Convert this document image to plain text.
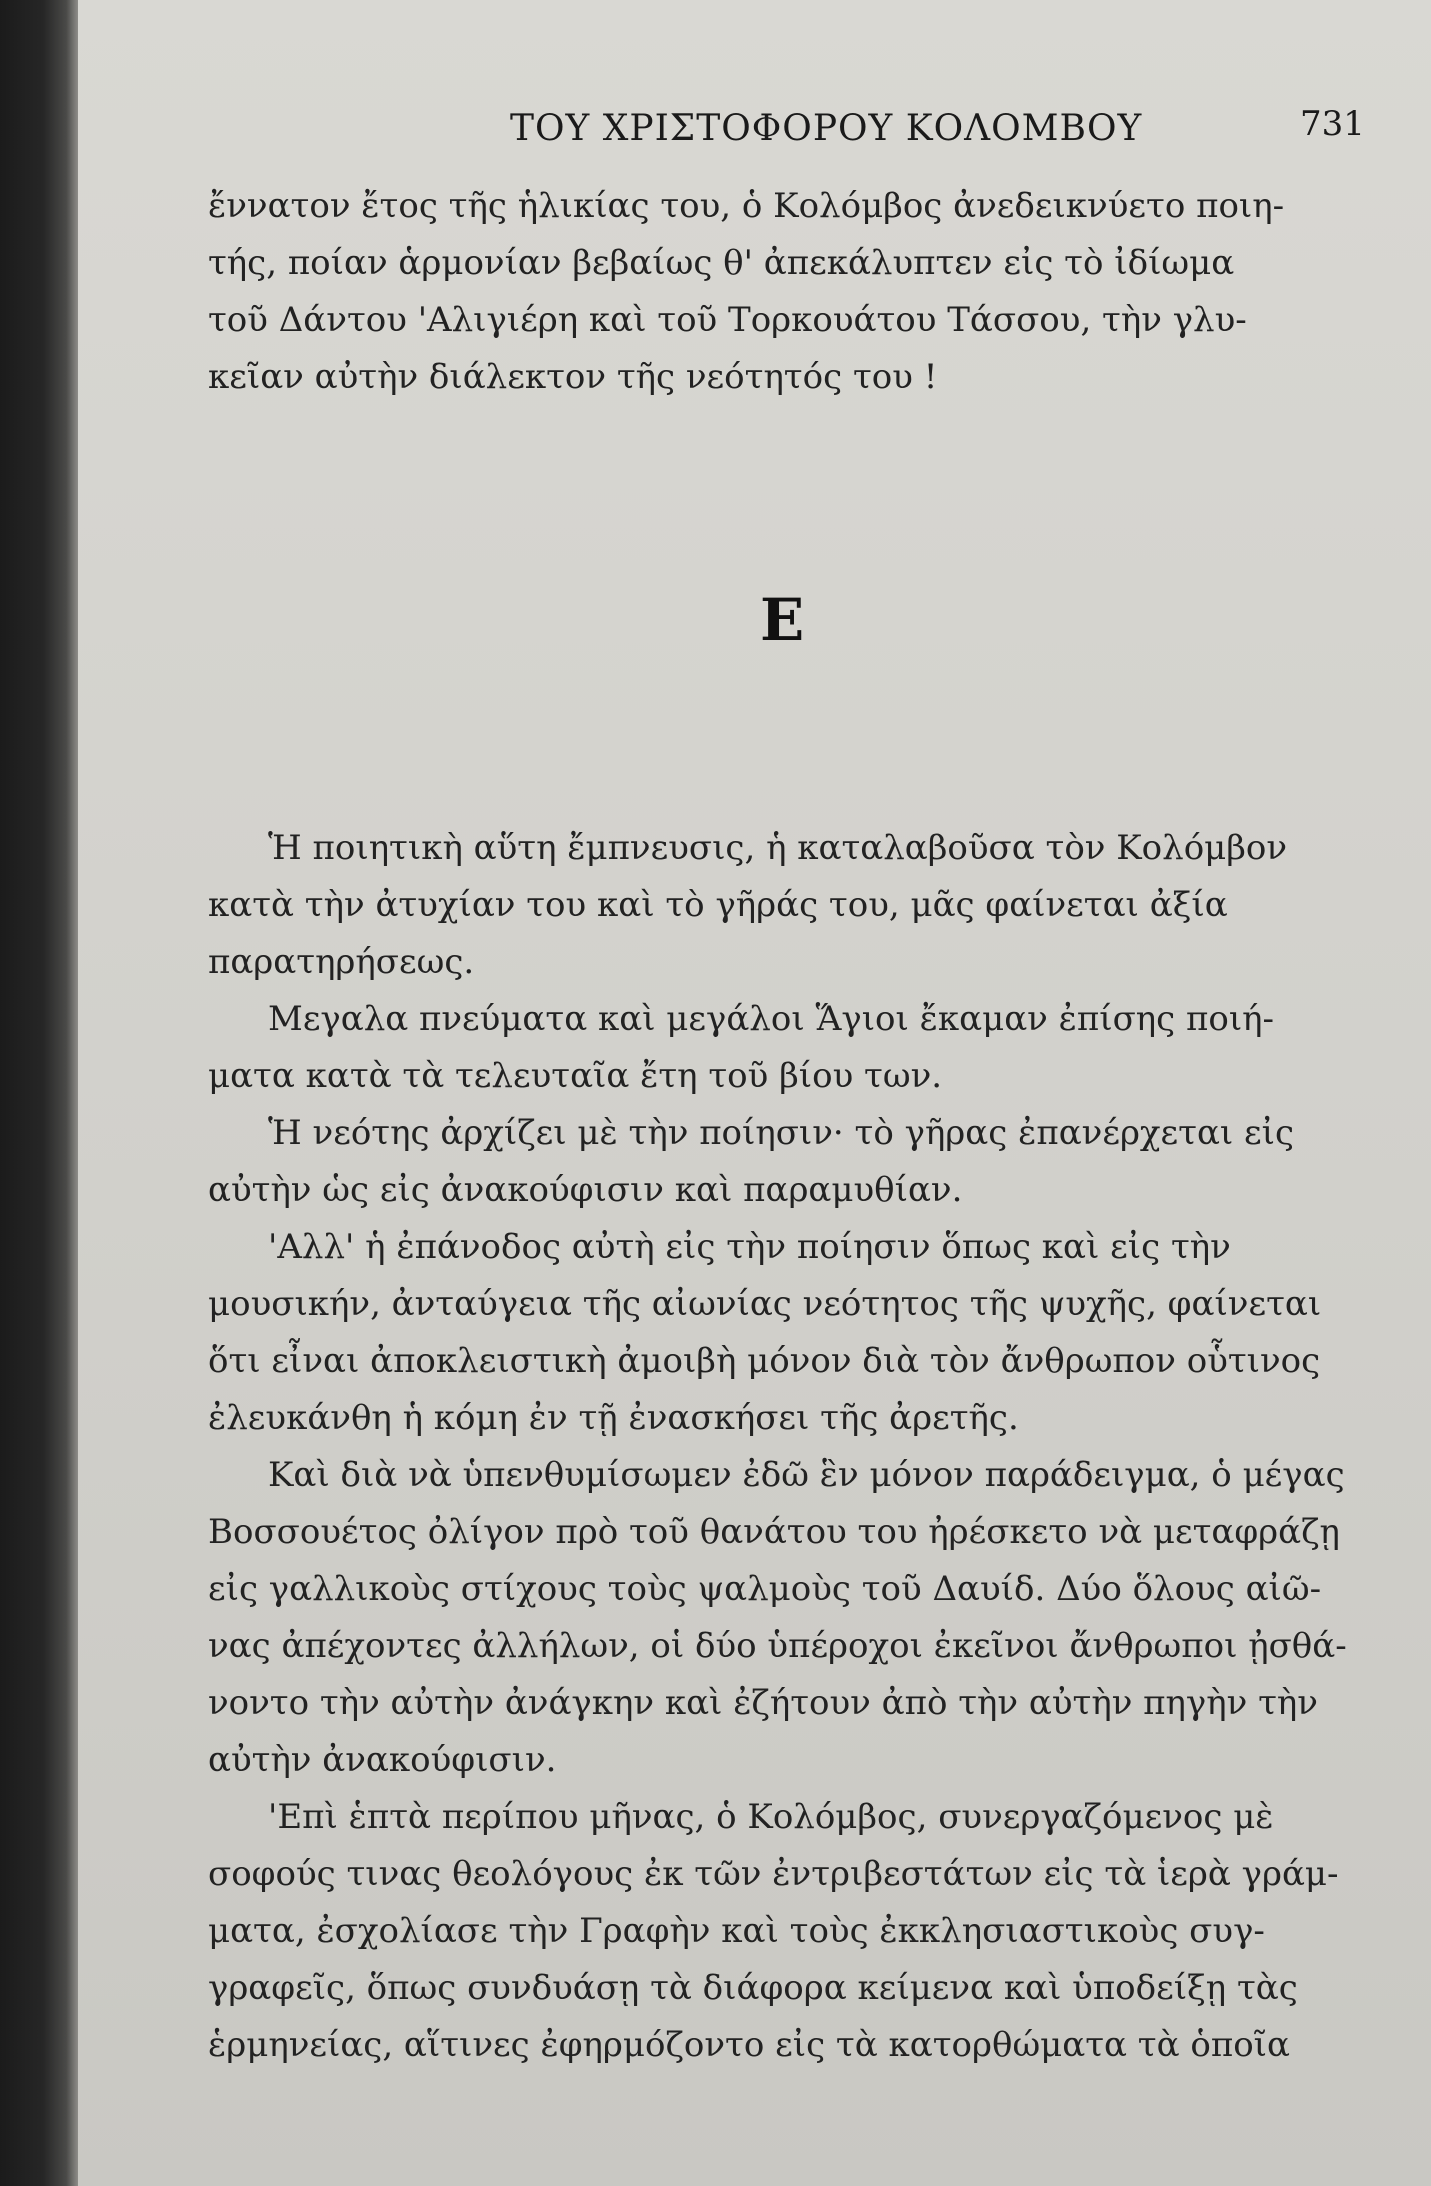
ΤΟΥ ΧΡΙΣΤΟΦΟΡΟΥ ΚΟΛΟΜΒΟΥ	731
ἔννατον ἔτος τῆς ἡλικίας του, ὁ Κολόμβος ἀνεδεικνύετο ποιη-
τής, ποίαν ἁρμονίαν βεβαίως θ' ἀπεκάλυπτεν εἰς τὸ ἰδίωμα
τοῦ Δάντου 'Αλιγιέρη καὶ τοῦ Τορκουάτου Τάσσου, τὴν γλυ-
κεῖαν αὐτὴν διάλεκτον τῆς νεότητός του !
Ε
Ἡ ποιητικὴ αὕτη ἔμπνευσις, ἡ καταλαβοῦσα τὸν Κολόμβον
κατὰ τὴν ἀτυχίαν του καὶ τὸ γῆράς του, μᾶς φαίνεται ἀξία
παρατηρήσεως.
Μεγαλα πνεύματα καὶ μεγάλοι Ἅγιοι ἔκαμαν ἐπίσης ποιή-
ματα κατὰ τὰ τελευταῖα ἔτη τοῦ βίου των.
Ἡ νεότης ἀρχίζει μὲ τὴν ποίησιν· τὸ γῆρας ἐπανέρχεται εἰς
αὐτὴν ὡς εἰς ἀνακούφισιν καὶ παραμυθίαν.
'Αλλ' ἡ ἐπάνοδος αὐτὴ εἰς τὴν ποίησιν ὅπως καὶ εἰς τὴν
μουσικήν, ἀνταύγεια τῆς αἰωνίας νεότητος τῆς ψυχῆς, φαίνεται
ὅτι εἶναι ἀποκλειστικὴ ἀμοιβὴ μόνον διὰ τὸν ἄνθρωπον οὗτινος
ἐλευκάνθη ἡ κόμη ἐν τῇ ἐνασκήσει τῆς ἀρετῆς.
Καὶ διὰ νὰ ὑπενθυμίσωμεν ἐδῶ ἓν μόνον παράδειγμα, ὁ μέγας
Βοσσουέτος ὀλίγον πρὸ τοῦ θανάτου του ἠρέσκετο νὰ μεταφράζῃ
εἰς γαλλικοὺς στίχους τοὺς ψαλμοὺς τοῦ Δαυίδ. Δύο ὅλους αἰῶ-
νας ἀπέχοντες ἀλλήλων, οἱ δύο ὑπέροχοι ἐκεῖνοι ἄνθρωποι ᾐσθά-
νοντο τὴν αὐτὴν ἀνάγκην καὶ ἐζήτουν ἀπὸ τὴν αὐτὴν πηγὴν τὴν
αὐτὴν ἀνακούφισιν.
'Επὶ ἑπτὰ περίπου μῆνας, ὁ Κολόμβος, συνεργαζόμενος μὲ
σοφούς τινας θεολόγους ἐκ τῶν ἐντριβεστάτων εἰς τὰ ἱερὰ γράμ-
ματα, ἐσχολίασε τὴν Γραφὴν καὶ τοὺς ἐκκλησιαστικοὺς συγ-
γραφεῖς, ὅπως συνδυάσῃ τὰ διάφορα κείμενα καὶ ὑποδείξῃ τὰς
ἑρμηνείας, αἵτινες ἐφηρμόζοντο εἰς τὰ κατορθώματα τὰ ὁποῖα
